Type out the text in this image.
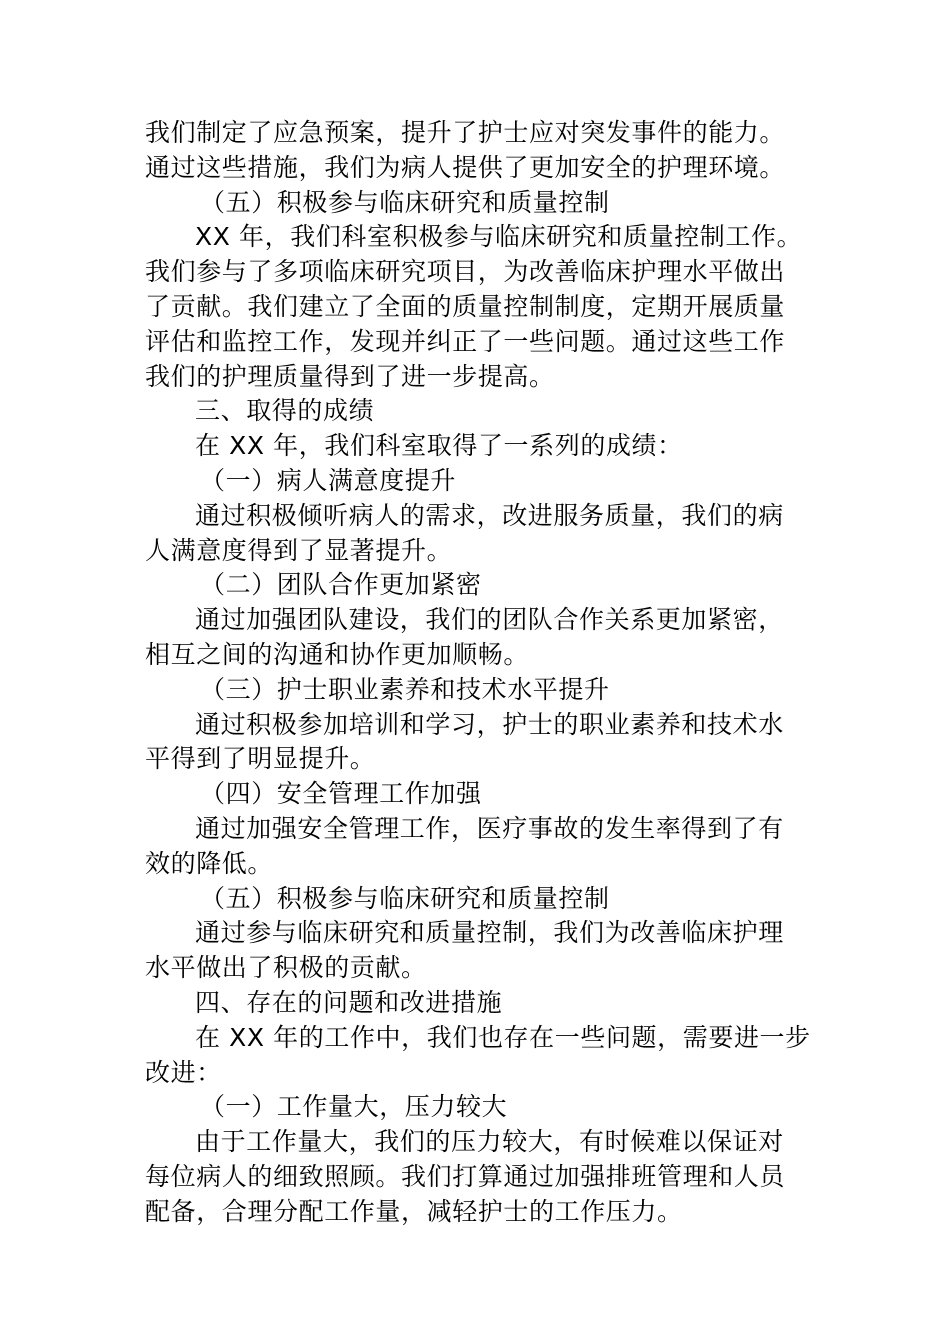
我们制定了应急预案，提升了护士应对突发事件的能力。
通过这些措施，我们为病人提供了更加安全的护理环境。
（五）积极参与临床研究和质量控制
XX 年，我们科室积极参与临床研究和质量控制工作。
我们参与了多项临床研究项目，为改善临床护理水平做出
了贡献。我们建立了全面的质量控制制度，定期开展质量
评估和监控工作，发现并纠正了一些问题。通过这些工作
我们的护理质量得到了进一步提高。
三、取得的成绩
在 XX 年，我们科室取得了一系列的成绩：
（一）病人满意度提升
通过积极倾听病人的需求，改进服务质量，我们的病
人满意度得到了显著提升。
（二）团队合作更加紧密
通过加强团队建设，我们的团队合作关系更加紧密，
相互之间的沟通和协作更加顺畅。
（三）护士职业素养和技术水平提升
通过积极参加培训和学习，护士的职业素养和技术水
平得到了明显提升。
（四）安全管理工作加强
通过加强安全管理工作，医疗事故的发生率得到了有
效的降低。
（五）积极参与临床研究和质量控制
通过参与临床研究和质量控制，我们为改善临床护理
水平做出了积极的贡献。
四、存在的问题和改进措施
在 XX 年的工作中，我们也存在一些问题，需要进一步
改进：
（一）工作量大，压力较大
由于工作量大，我们的压力较大，有时候难以保证对
每位病人的细致照顾。我们打算通过加强排班管理和人员
配备，合理分配工作量，减轻护士的工作压力。
